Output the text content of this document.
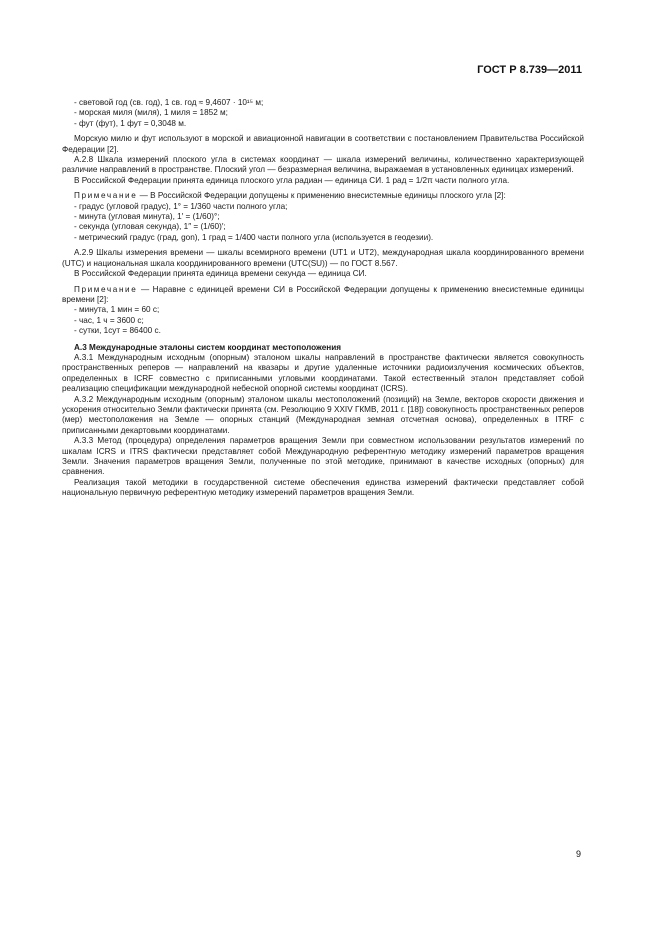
ГОСТ Р 8.739—2011

- световой год (св. год), 1 св. год ≈ 9,4607 · 10¹⁵ м;

- морская миля (миля), 1 миля = 1852 м;

- фут (фут), 1 фут = 0,3048 м.

Морскую милю и фут используют в морской и авиационной навигации в соответствии с постановлением Правительства Российской Федерации [2].

А.2.8 Шкала измерений плоского угла в системах координат — шкала измерений величины, количественно характеризующей различие направлений в пространстве. Плоский угол — безразмерная величина, выражаемая в установленных единицах измерений.

В Российской Федерации принята единица плоского угла радиан — единица СИ. 1 рад = 1/2π части полного угла.

Примечание — В Российской Федерации допущены к применению внесистемные единицы плоского угла [2]:

- градус (угловой градус), 1° = 1/360 части полного угла;

- минута (угловая минута), 1′ = (1/60)°;

- секунда (угловая секунда), 1″ = (1/60)′;

- метрический градус (град, gon), 1 град = 1/400 части полного угла (используется в геодезии).

А.2.9 Шкалы измерения времени — шкалы всемирного времени (UT1 и UT2), международная шкала координированного времени (UTC) и национальная шкала координированного времени (UTC(SU)) — по ГОСТ 8.567.

В Российской Федерации принята единица времени секунда — единица СИ.

Примечание — Наравне с единицей времени СИ в Российской Федерации допущены к применению внесистемные единицы времени [2]:

- минута, 1 мин = 60 с;

- час, 1 ч = 3600 с;

- сутки, 1сут = 86400 с.

А.3 Международные эталоны систем координат местоположения

А.3.1 Международным исходным (опорным) эталоном шкалы направлений в пространстве фактически является совокупность пространственных реперов — направлений на квазары и другие удаленные источники радиоизлучения космических объектов, определенных в ICRF совместно с приписанными угловыми координатами. Такой естественный эталон представляет собой реализацию спецификации международной небесной опорной системы координат (ICRS).

А.3.2 Международным исходным (опорным) эталоном шкалы местоположений (позиций) на Земле, векторов скорости движения и ускорения относительно Земли фактически принята (см. Резолюцию 9 XXIV ГКМВ, 2011 г. [18]) совокупность пространственных реперов (мер) местоположения на Земле — опорных станций (Международная земная отсчетная основа), определенных в ITRF с приписанными декартовыми координатами.

А.3.3 Метод (процедура) определения параметров вращения Земли при совместном использовании результатов измерений по шкалам ICRS и ITRS фактически представляет собой Международную референтную методику измерений параметров вращения Земли. Значения параметров вращения Земли, полученные по этой методике, принимают в качестве исходных (опорных) для сравнения.

Реализация такой методики в государственной системе обеспечения единства измерений фактически представляет собой национальную первичную референтную методику измерений параметров вращения Земли.

9
